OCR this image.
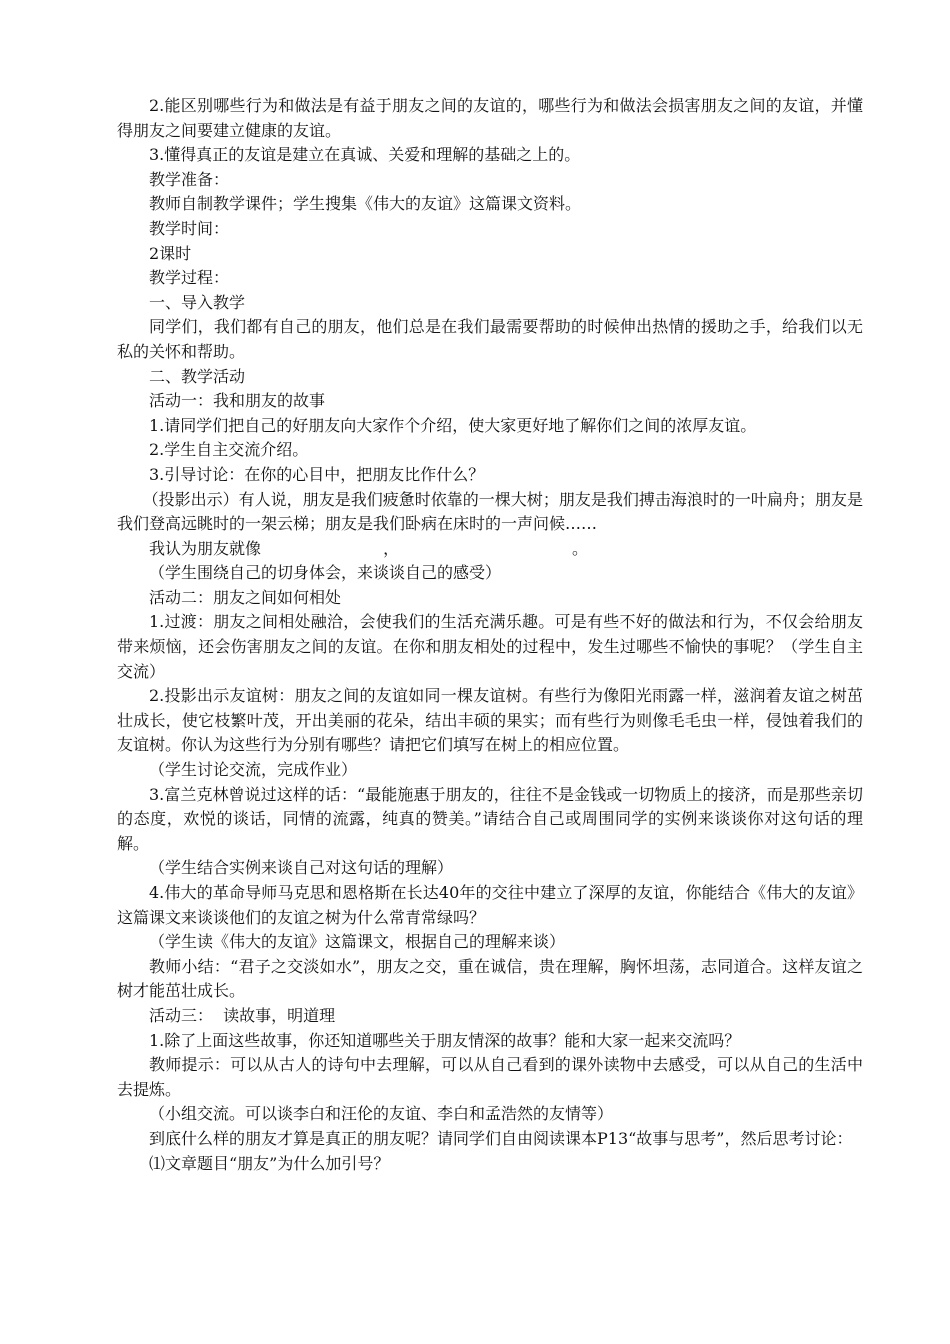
2.能区别哪些行为和做法是有益于朋友之间的友谊的，哪些行为和做法会损害朋友之间的友谊，并懂得朋友之间要建立健康的友谊。

3.懂得真正的友谊是建立在真诚、关爱和理解的基础之上的。

教学准备：

教师自制教学课件；学生搜集《伟大的友谊》这篇课文资料。

教学时间：

2课时

教学过程：

一、导入教学

同学们，我们都有自己的朋友，他们总是在我们最需要帮助的时候伸出热情的援助之手，给我们以无私的关怀和帮助。

二、教学活动

活动一：我和朋友的故事

1.请同学们把自己的好朋友向大家作个介绍，使大家更好地了解你们之间的浓厚友谊。

2.学生自主交流介绍。

3.引导讨论：在你的心目中，把朋友比作什么？

（投影出示）有人说，朋友是我们疲惫时依靠的一棵大树；朋友是我们搏击海浪时的一叶扁舟；朋友是我们登高远眺时的一架云梯；朋友是我们卧病在床时的一声问候……

我认为朋友就像                        ，                                  。

（学生围绕自己的切身体会，来谈谈自己的感受）

活动二：朋友之间如何相处

1.过渡：朋友之间相处融洽，会使我们的生活充满乐趣。可是有些不好的做法和行为，不仅会给朋友带来烦恼，还会伤害朋友之间的友谊。在你和朋友相处的过程中，发生过哪些不愉快的事呢？（学生自主交流）

2.投影出示友谊树：朋友之间的友谊如同一棵友谊树。有些行为像阳光雨露一样，滋润着友谊之树茁壮成长，使它枝繁叶茂，开出美丽的花朵，结出丰硕的果实；而有些行为则像毛毛虫一样，侵蚀着我们的友谊树。你认为这些行为分别有哪些？请把它们填写在树上的相应位置。

（学生讨论交流，完成作业）

3.富兰克林曾说过这样的话：“最能施惠于朋友的，往往不是金钱或一切物质上的接济，而是那些亲切的态度，欢悦的谈话，同情的流露，纯真的赞美。”请结合自己或周围同学的实例来谈谈你对这句话的理解。

（学生结合实例来谈自己对这句话的理解）

4.伟大的革命导师马克思和恩格斯在长达40年的交往中建立了深厚的友谊，你能结合《伟大的友谊》这篇课文来谈谈他们的友谊之树为什么常青常绿吗？

（学生读《伟大的友谊》这篇课文，根据自己的理解来谈）

教师小结：“君子之交淡如水”，朋友之交，重在诚信，贵在理解，胸怀坦荡，志同道合。这样友谊之树才能茁壮成长。

活动三：  读故事，明道理

1.除了上面这些故事，你还知道哪些关于朋友情深的故事？能和大家一起来交流吗？

教师提示：可以从古人的诗句中去理解，可以从自己看到的课外读物中去感受，可以从自己的生活中去提炼。

（小组交流。可以谈李白和汪伦的友谊、李白和孟浩然的友情等）

到底什么样的朋友才算是真正的朋友呢？请同学们自由阅读课本P13“故事与思考”，然后思考讨论：

⑴文章题目“朋友”为什么加引号？
